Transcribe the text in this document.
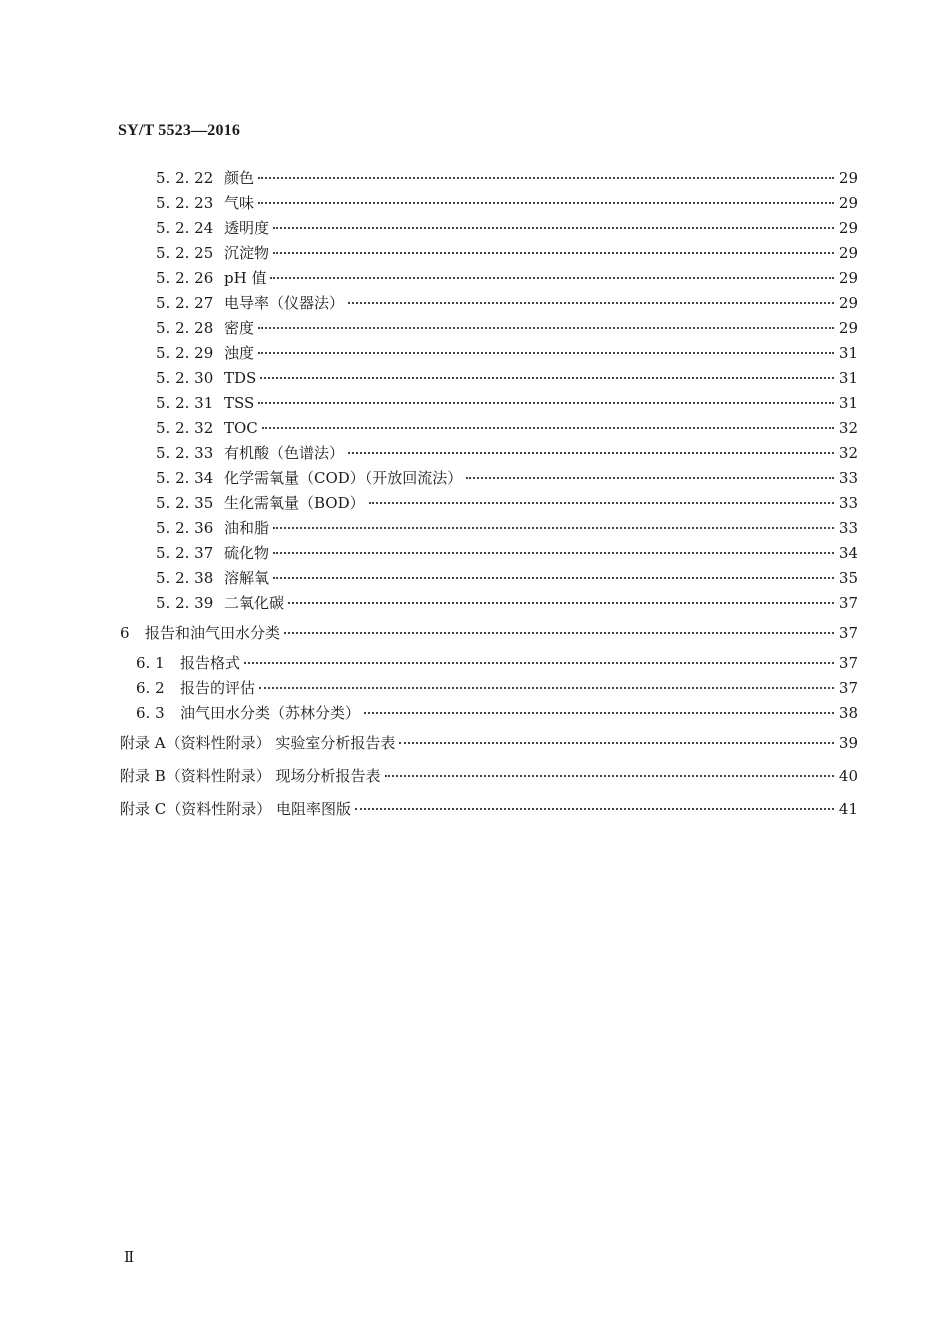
SY/T 5523—2016
5. 2. 22 颜色	29
5. 2. 23 气味	29
5. 2. 24 透明度	29
5. 2. 25 沉淀物	29
5. 2. 26 pH 值	29
5. 2. 27 电导率（仪器法）	29
5. 2. 28 密度	29
5. 2. 29 浊度	31
5. 2. 30 TDS	31
5. 2. 31 TSS	31
5. 2. 32 TOC	32
5. 2. 33 有机酸（色谱法）	32
5. 2. 34 化学需氧量（COD）（开放回流法）	33
5. 2. 35 生化需氧量（BOD）	33
5. 2. 36 油和脂	33
5. 2. 37 硫化物	34
5. 2. 38 溶解氧	35
5. 2. 39 二氧化碳	37
6	报告和油气田水分类	37
6. 1	报告格式	37
6. 2	报告的评估	37
6. 3	油气田水分类（苏林分类）	38
附录 A（资料性附录） 实验室分析报告表	39
附录 B（资料性附录） 现场分析报告表	40
附录 C（资料性附录） 电阻率图版	41
Ⅱ
